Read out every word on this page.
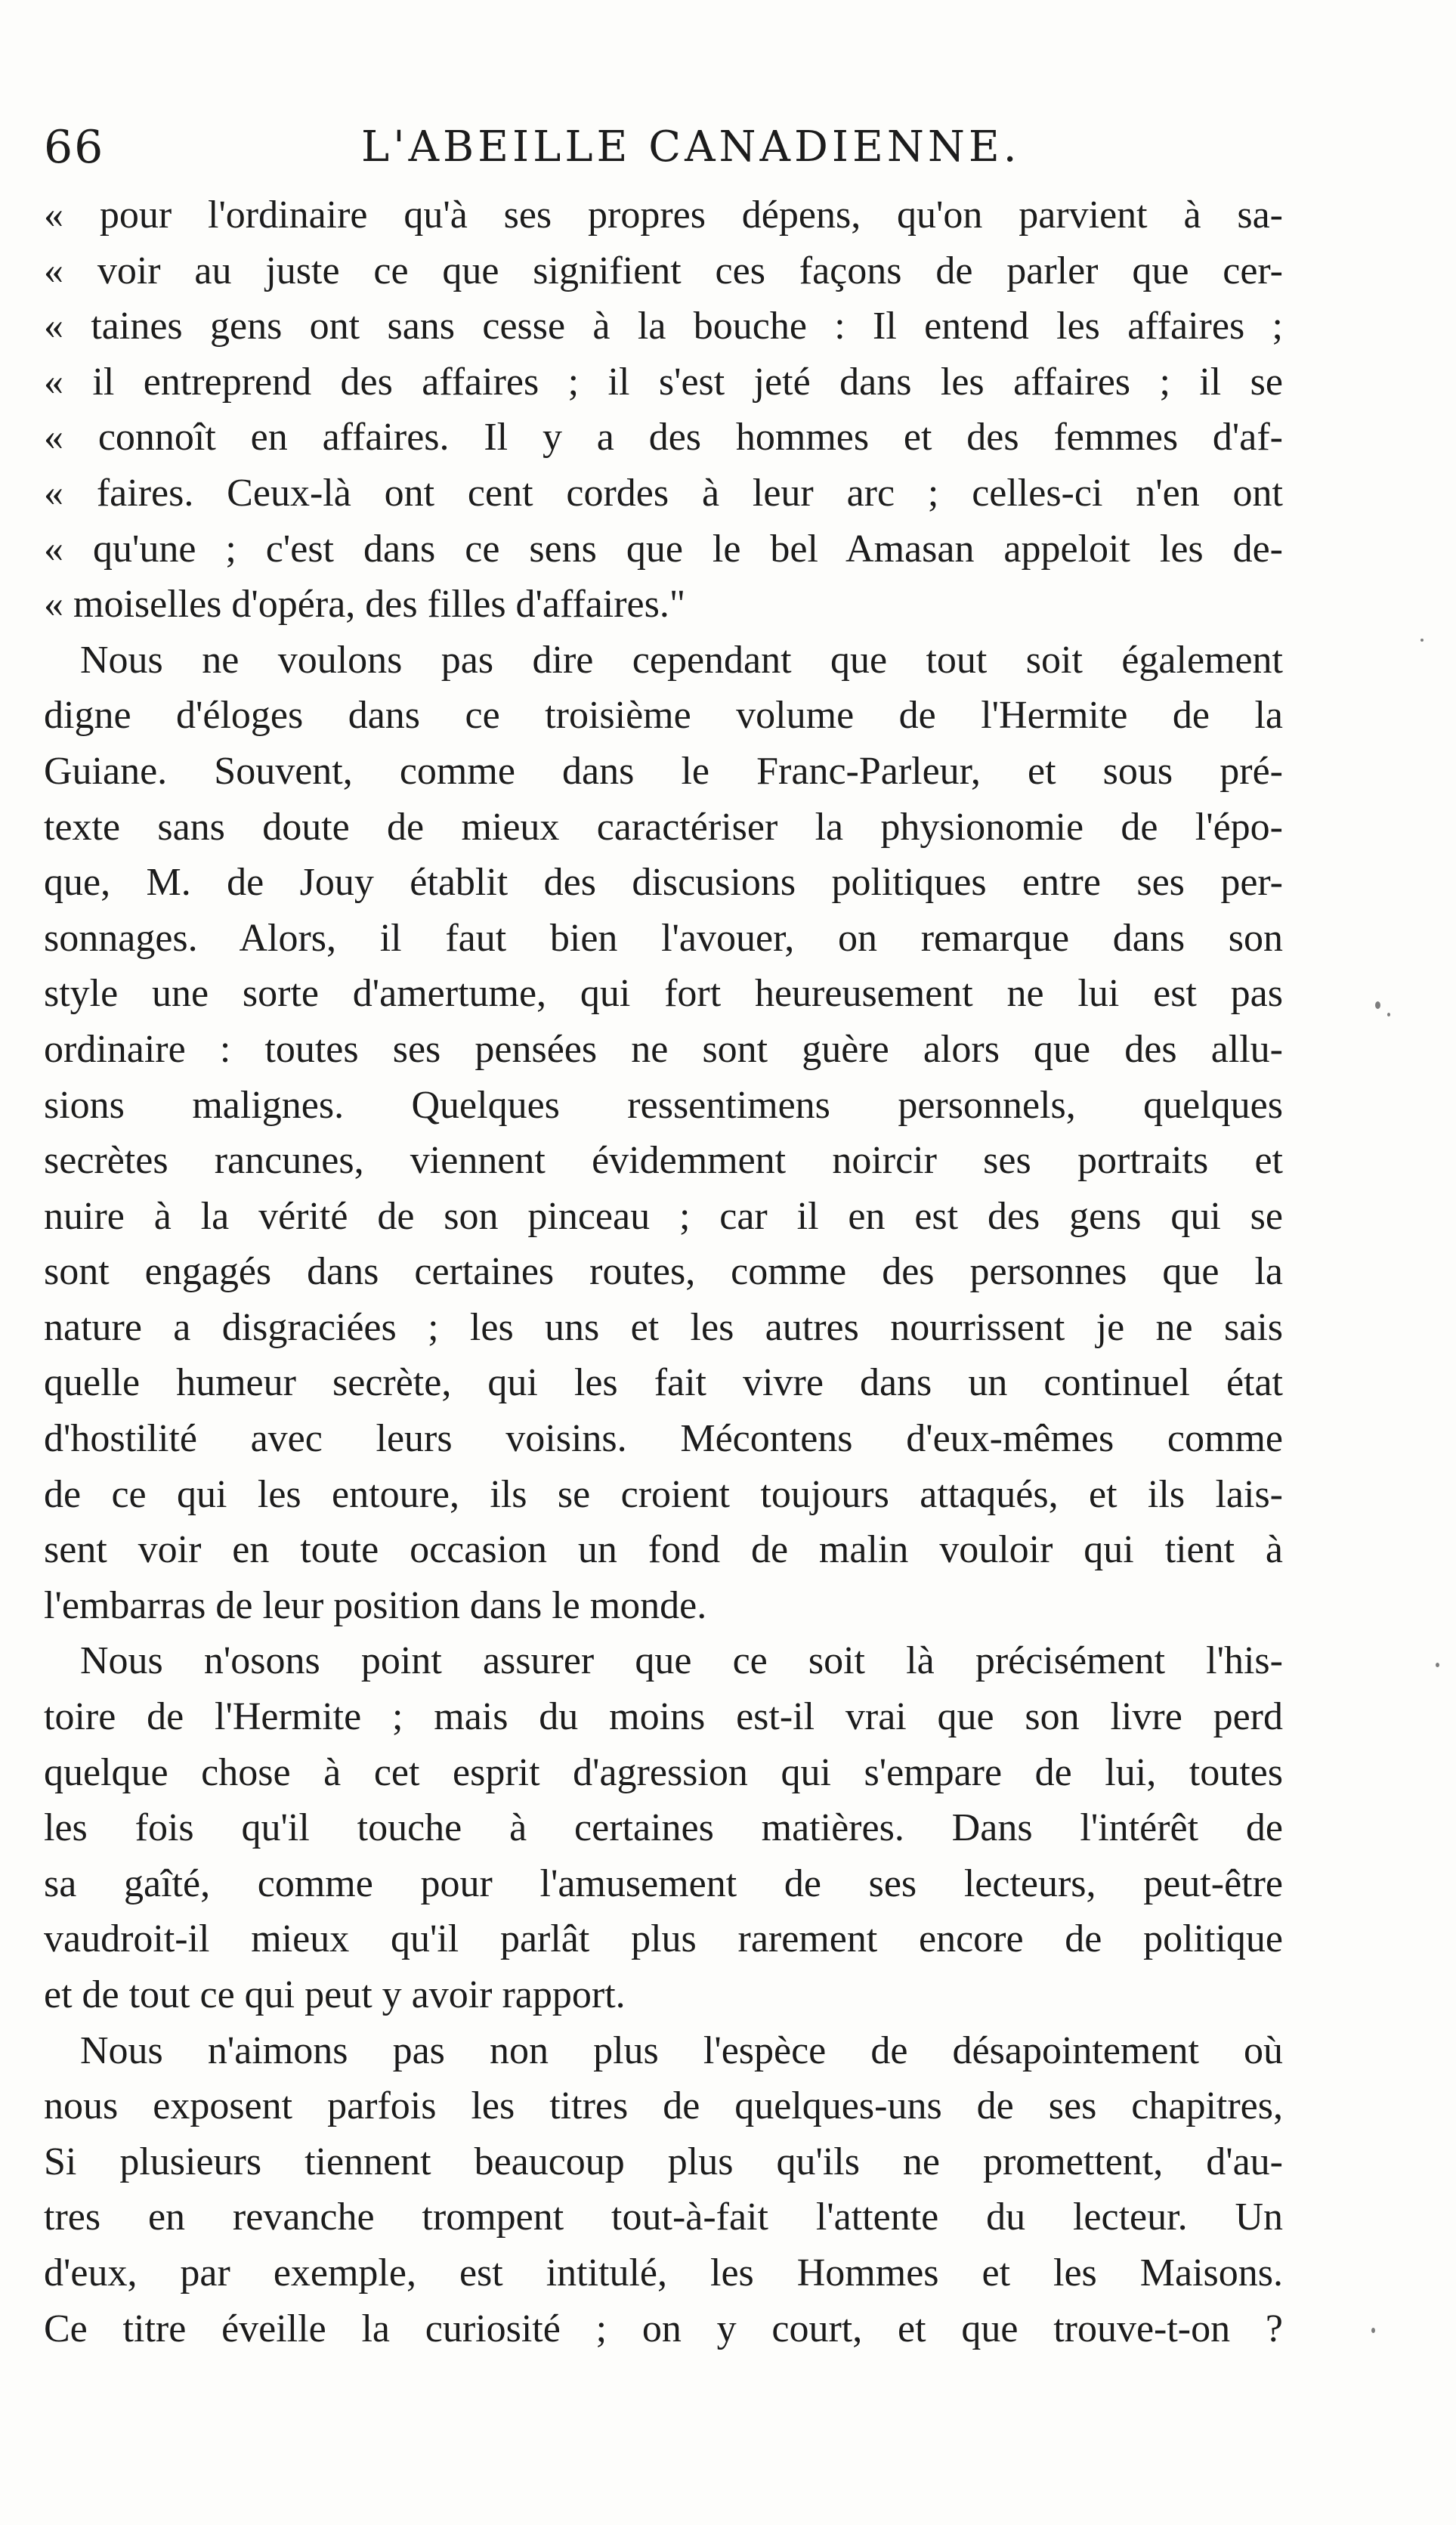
66	L'ABEILLE CANADIENNE.
« pour l'ordinaire qu'à ses propres dépens, qu'on parvient à sa-
« voir au juste ce que signifient ces façons de parler que cer-
« taines gens ont sans cesse à la bouche : Il entend les affaires ;
« il entreprend des affaires ; il s'est jeté dans les affaires ; il se
« connoît en affaires. Il y a des hommes et des femmes d'af-
« faires. Ceux-là ont cent cordes à leur arc ; celles-ci n'en ont
« qu'une ; c'est dans ce sens que le bel Amasan appeloit les de-
« moiselles d'opéra, des filles d'affaires."
Nous ne voulons pas dire cependant que tout soit également
digne d'éloges dans ce troisième volume de l'Hermite de la
Guiane. Souvent, comme dans le Franc-Parleur, et sous pré-
texte sans doute de mieux caractériser la physionomie de l'épo-
que, M. de Jouy établit des discusions politiques entre ses per-
sonnages. Alors, il faut bien l'avouer, on remarque dans son
style une sorte d'amertume, qui fort heureusement ne lui est pas
ordinaire : toutes ses pensées ne sont guère alors que des allu-
sions malignes. Quelques ressentimens personnels, quelques
secrètes rancunes, viennent évidemment noircir ses portraits et
nuire à la vérité de son pinceau ; car il en est des gens qui se
sont engagés dans certaines routes, comme des personnes que la
nature a disgraciées ; les uns et les autres nourrissent je ne sais
quelle humeur secrète, qui les fait vivre dans un continuel état
d'hostilité avec leurs voisins. Mécontens d'eux-mêmes comme
de ce qui les entoure, ils se croient toujours attaqués, et ils lais-
sent voir en toute occasion un fond de malin vouloir qui tient à
l'embarras de leur position dans le monde.
Nous n'osons point assurer que ce soit là précisément l'his-
toire de l'Hermite ; mais du moins est-il vrai que son livre perd
quelque chose à cet esprit d'agression qui s'empare de lui, toutes
les fois qu'il touche à certaines matières. Dans l'intérêt de
sa gaîté, comme pour l'amusement de ses lecteurs, peut-être
vaudroit-il mieux qu'il parlât plus rarement encore de politique
et de tout ce qui peut y avoir rapport.
Nous n'aimons pas non plus l'espèce de désapointement où
nous exposent parfois les titres de quelques-uns de ses chapitres,
Si plusieurs tiennent beaucoup plus qu'ils ne promettent, d'au-
tres en revanche trompent tout-à-fait l'attente du lecteur. Un
d'eux, par exemple, est intitulé, les Hommes et les Maisons.
Ce titre éveille la curiosité ; on y court, et que trouve-t-on ?
